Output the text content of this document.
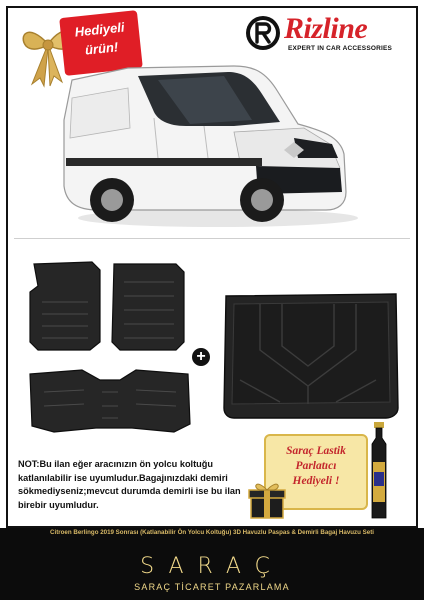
Hediyeli
ürün!
Rizline
EXPERT IN CAR ACCESSORIES
+
NOT:Bu ilan eğer aracınızın ön yolcu koltuğu katlanılabilir ise uyumludur.Bagajınızdaki demiri sökmediyseniz;mevcut durumda demirli ise bu ilan birebir uyumludur.
Saraç Lastik
Parlatıcı
Hediyeli !
Citroen Berlingo 2019 Sonrası (Katlanabilir Ön Yolcu Koltuğu) 3D Havuzlu Paspas & Demirli Bagaj Havuzu Seti
SARAÇ
SARAÇ TİCARET PAZARLAMA
